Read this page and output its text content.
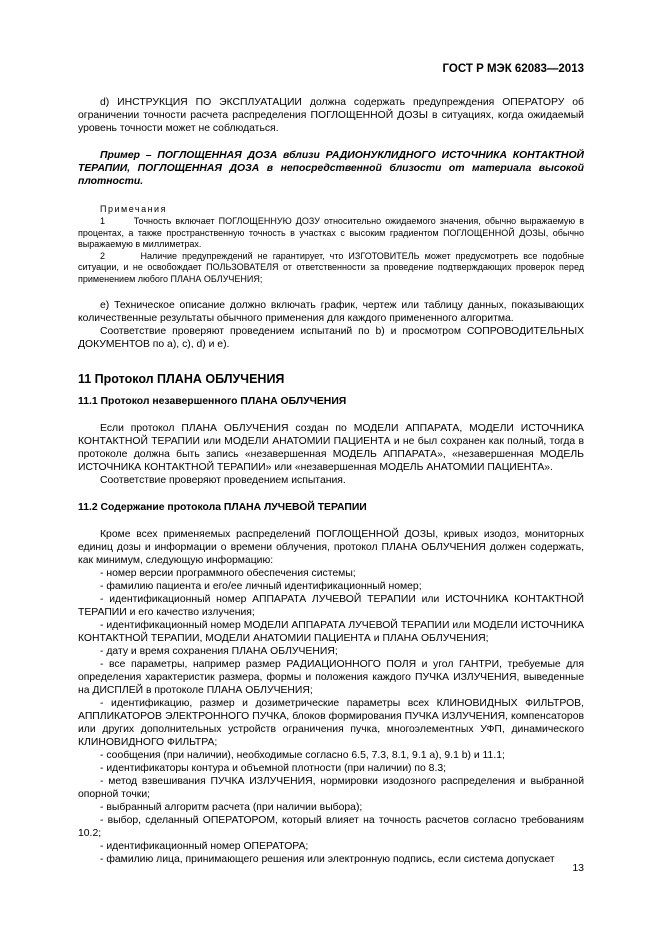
ГОСТ Р МЭК 62083—2013

d) ИНСТРУКЦИЯ ПО ЭКСПЛУАТАЦИИ должна содержать предупреждения ОПЕРАТОРУ об ограничении точности расчета распределения ПОГЛОЩЕННОЙ ДОЗЫ в ситуациях, когда ожидаемый уровень точности может не соблюдаться.

Пример – ПОГЛОЩЕННАЯ ДОЗА вблизи РАДИОНУКЛИДНОГО ИСТОЧНИКА КОНТАКТНОЙ ТЕРАПИИ, ПОГЛОЩЕННАЯ ДОЗА в непосредственной близости от материала высокой плотности.

Примечания

1	Точность включает ПОГЛОЩЕННУЮ ДОЗУ относительно ожидаемого значения, обычно выражаемую в процентах, а также пространственную точность в участках с высоким градиентом ПОГЛОЩЕННОЙ ДОЗЫ, обычно выражаемую в миллиметрах.

2	Наличие предупреждений не гарантирует, что ИЗГОТОВИТЕЛЬ может предусмотреть все подобные ситуации, и не освобождает ПОЛЬЗОВАТЕЛЯ от ответственности за проведение подтверждающих проверок перед применением любого ПЛАНА ОБЛУЧЕНИЯ;

e) Техническое описание должно включать график, чертеж или таблицу данных, показывающих количественные результаты обычного применения для каждого примененного алгоритма.

Соответствие проверяют проведением испытаний по b) и просмотром СОПРОВОДИТЕЛЬНЫХ ДОКУМЕНТОВ по а), c), d) и e).

11 Протокол ПЛАНА ОБЛУЧЕНИЯ
11.1 Протокол незавершенного ПЛАНА ОБЛУЧЕНИЯ

Если протокол ПЛАНА ОБЛУЧЕНИЯ создан по МОДЕЛИ АППАРАТА, МОДЕЛИ ИСТОЧНИКА КОНТАКТНОЙ ТЕРАПИИ или МОДЕЛИ АНАТОМИИ ПАЦИЕНТА и не был сохранен как полный, тогда в протоколе должна быть запись «незавершенная МОДЕЛЬ АППАРАТА», «незавершенная МОДЕЛЬ ИСТОЧНИКА КОНТАКТНОЙ ТЕРАПИИ» или «незавершенная МОДЕЛЬ АНАТОМИИ ПАЦИЕНТА».

Соответствие проверяют проведением испытания.

11.2 Содержание протокола ПЛАНА ЛУЧЕВОЙ ТЕРАПИИ

Кроме всех применяемых распределений ПОГЛОЩЕННОЙ ДОЗЫ, кривых изодоз, мониторных единиц дозы и информации о времени облучения, протокол ПЛАНА ОБЛУЧЕНИЯ должен содержать, как минимум, следующую информацию:

- номер версии программного обеспечения системы;

- фамилию пациента и его/ее личный идентификационный номер;

- идентификационный номер АППАРАТА ЛУЧЕВОЙ ТЕРАПИИ или ИСТОЧНИКА КОНТАКТНОЙ ТЕРАПИИ и его качество излучения;

- идентификационный номер МОДЕЛИ АППАРАТА ЛУЧЕВОЙ ТЕРАПИИ или МОДЕЛИ ИСТОЧНИКА КОНТАКТНОЙ ТЕРАПИИ, МОДЕЛИ АНАТОМИИ ПАЦИЕНТА и ПЛАНА ОБЛУЧЕНИЯ;

- дату и время сохранения ПЛАНА ОБЛУЧЕНИЯ;

- все параметры, например размер РАДИАЦИОННОГО ПОЛЯ и угол ГАНТРИ, требуемые для определения характеристик размера, формы и положения каждого ПУЧКА ИЗЛУЧЕНИЯ, выведенные на ДИСПЛЕЙ в протоколе ПЛАНА ОБЛУЧЕНИЯ;

- идентификацию, размер и дозиметрические параметры всех КЛИНОВИДНЫХ ФИЛЬТРОВ, АППЛИКАТОРОВ ЭЛЕКТРОННОГО ПУЧКА, блоков формирования ПУЧКА ИЗЛУЧЕНИЯ, компенсаторов или других дополнительных устройств ограничения пучка, многоэлементных УФП, динамического КЛИНОВИДНОГО ФИЛЬТРА;

- сообщения (при наличии), необходимые согласно 6.5, 7.3, 8.1, 9.1 а), 9.1 b) и 11.1;

- идентификаторы контура и объемной плотности (при наличии) по 8.3;

- метод взвешивания ПУЧКА ИЗЛУЧЕНИЯ, нормировки изодозного распределения и выбранной опорной точки;

- выбранный алгоритм расчета (при наличии выбора);

- выбор, сделанный ОПЕРАТОРОМ, который влияет на точность расчетов согласно требованиям 10.2;

- идентификационный номер ОПЕРАТОРА;

- фамилию лица, принимающего решения или электронную подпись, если система допускает

13
